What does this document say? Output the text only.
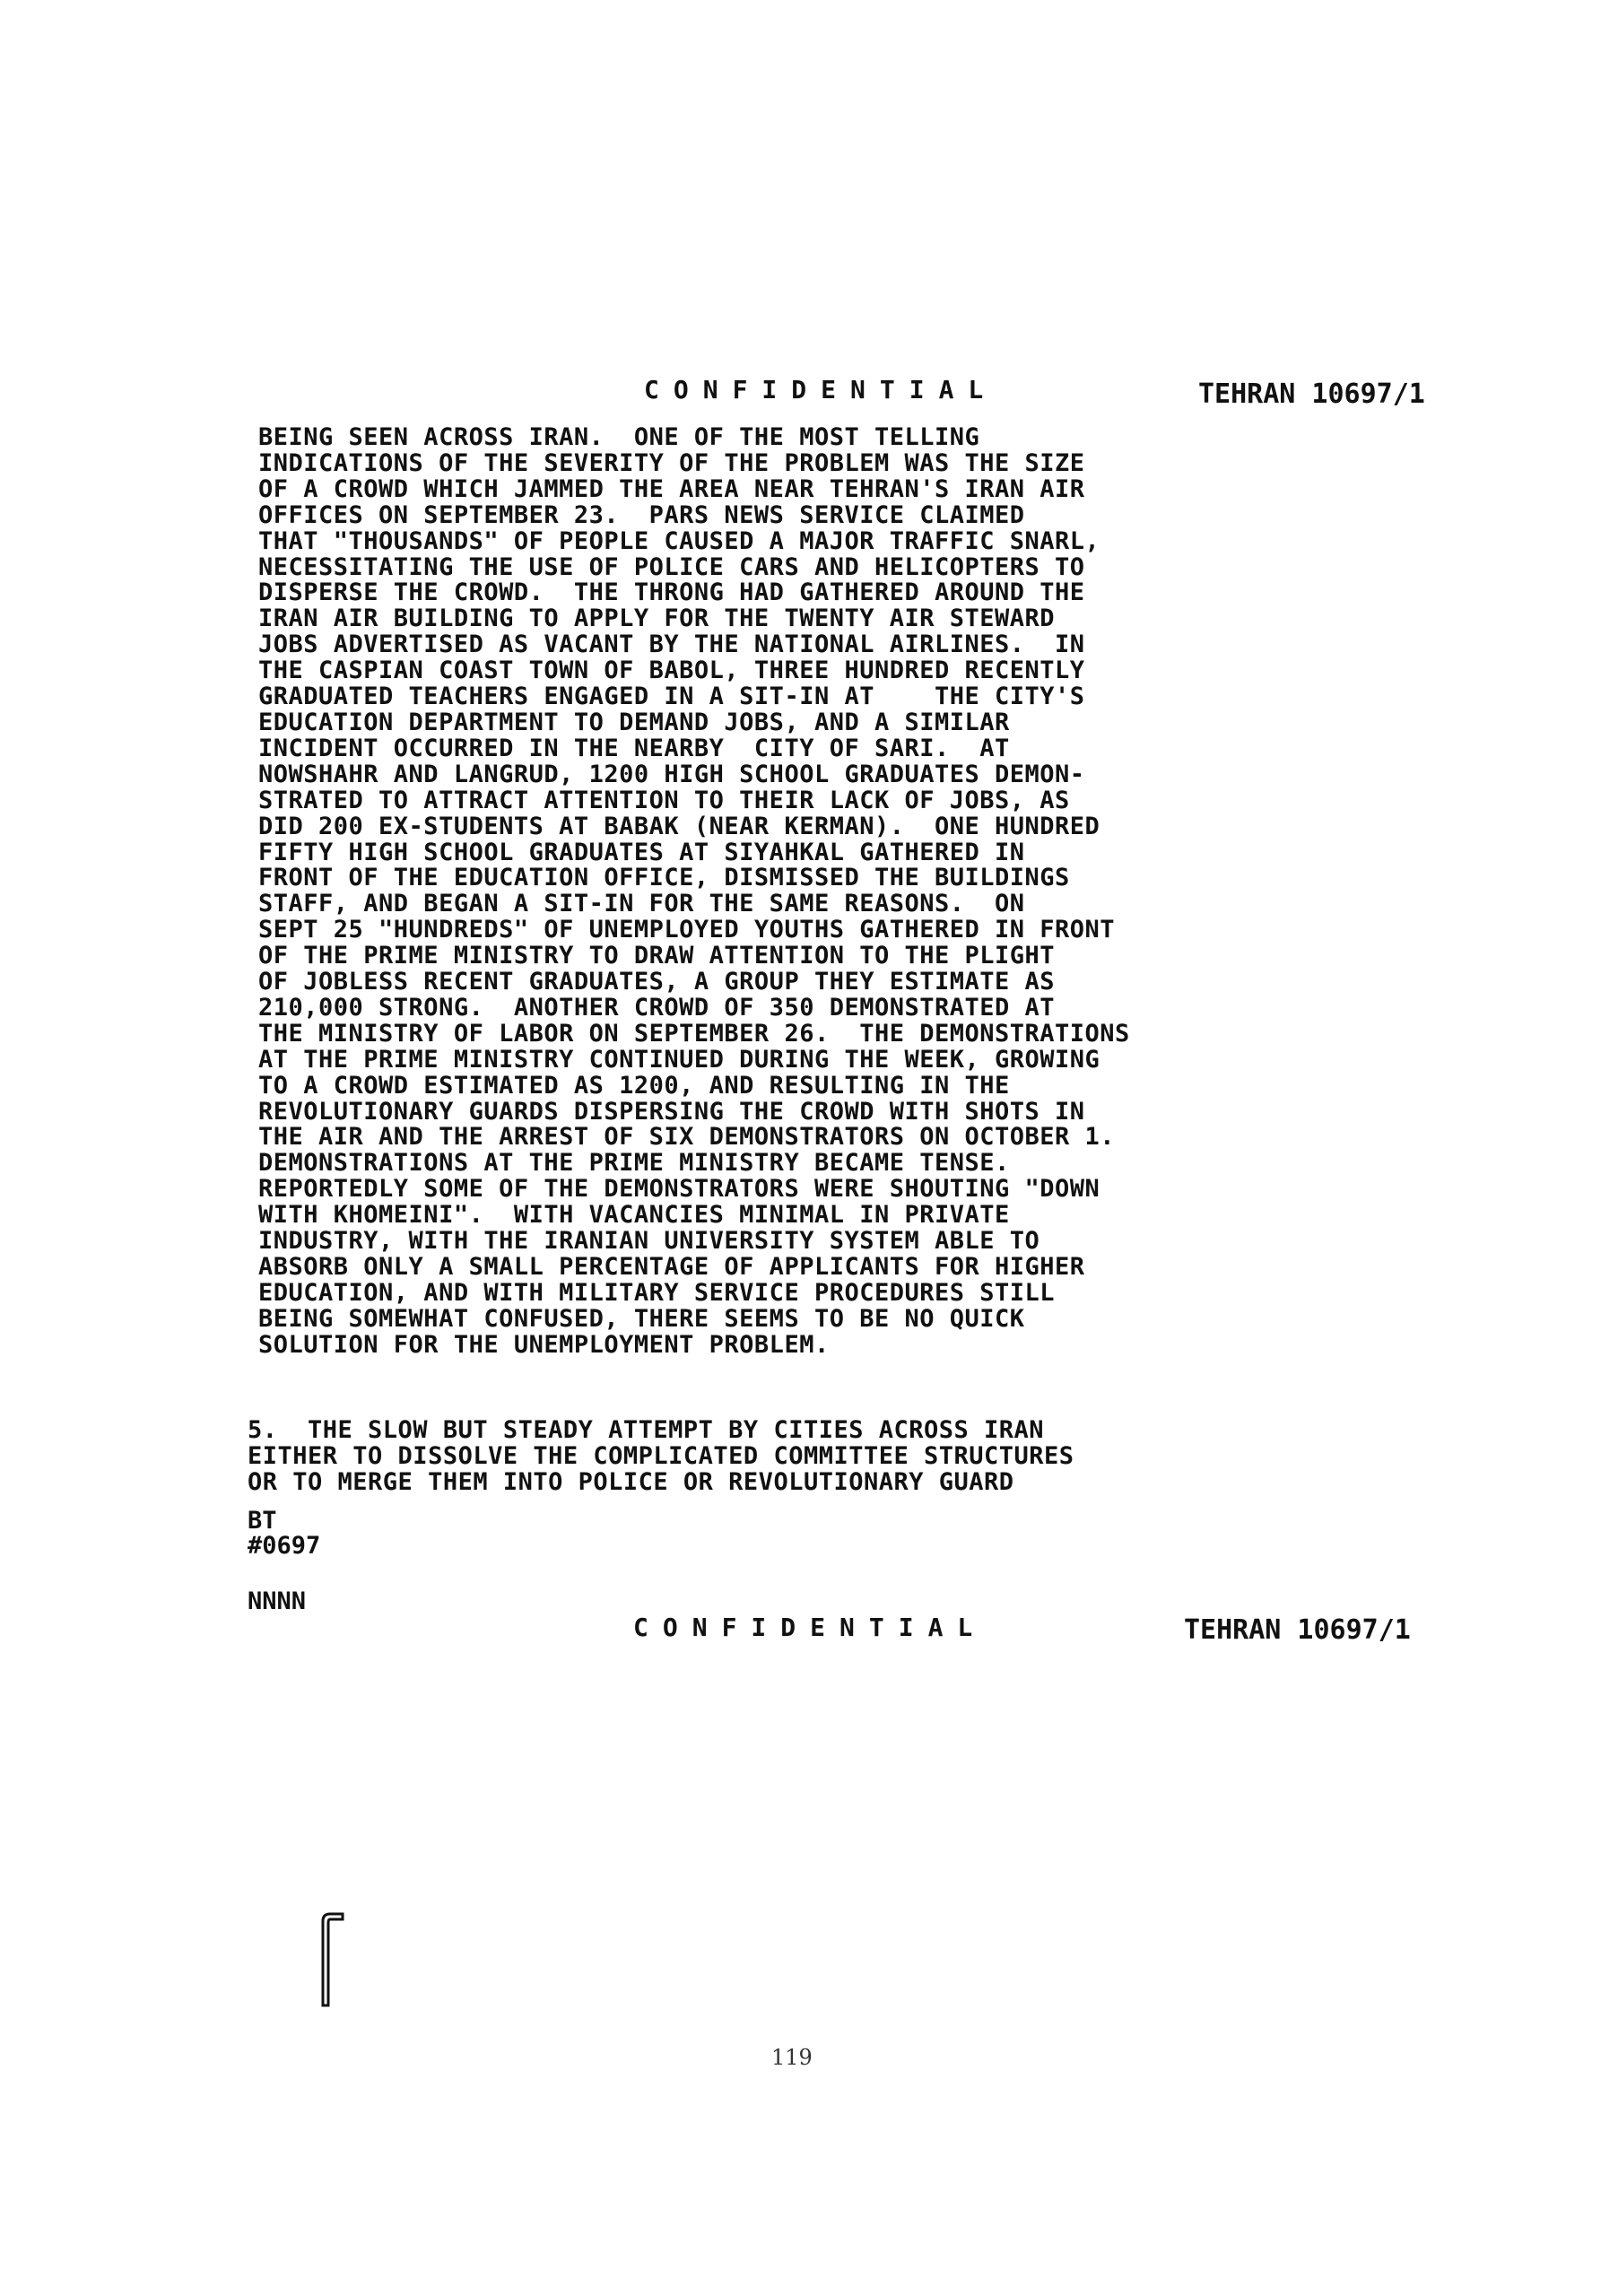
CONFIDENTIAL	TEHRAN 10697/1
BEING SEEN ACROSS IRAN.  ONE OF THE MOST TELLING
INDICATIONS OF THE SEVERITY OF THE PROBLEM WAS THE SIZE
OF A CROWD WHICH JAMMED THE AREA NEAR TEHRAN'S IRAN AIR
OFFICES ON SEPTEMBER 23.  PARS NEWS SERVICE CLAIMED
THAT "THOUSANDS" OF PEOPLE CAUSED A MAJOR TRAFFIC SNARL,
NECESSITATING THE USE OF POLICE CARS AND HELICOPTERS TO
DISPERSE THE CROWD.  THE THRONG HAD GATHERED AROUND THE
IRAN AIR BUILDING TO APPLY FOR THE TWENTY AIR STEWARD
JOBS ADVERTISED AS VACANT BY THE NATIONAL AIRLINES.  IN
THE CASPIAN COAST TOWN OF BABOL, THREE HUNDRED RECENTLY
GRADUATED TEACHERS ENGAGED IN A SIT-IN AT    THE CITY'S
EDUCATION DEPARTMENT TO DEMAND JOBS, AND A SIMILAR
INCIDENT OCCURRED IN THE NEARBY  CITY OF SARI.  AT
NOWSHAHR AND LANGRUD, 1200 HIGH SCHOOL GRADUATES DEMON-
STRATED TO ATTRACT ATTENTION TO THEIR LACK OF JOBS, AS
DID 200 EX-STUDENTS AT BABAK (NEAR KERMAN).  ONE HUNDRED
FIFTY HIGH SCHOOL GRADUATES AT SIYAHKAL GATHERED IN
FRONT OF THE EDUCATION OFFICE, DISMISSED THE BUILDINGS
STAFF, AND BEGAN A SIT-IN FOR THE SAME REASONS.  ON
SEPT 25 "HUNDREDS" OF UNEMPLOYED YOUTHS GATHERED IN FRONT
OF THE PRIME MINISTRY TO DRAW ATTENTION TO THE PLIGHT
OF JOBLESS RECENT GRADUATES, A GROUP THEY ESTIMATE AS
210,000 STRONG.  ANOTHER CROWD OF 350 DEMONSTRATED AT
THE MINISTRY OF LABOR ON SEPTEMBER 26.  THE DEMONSTRATIONS
AT THE PRIME MINISTRY CONTINUED DURING THE WEEK, GROWING
TO A CROWD ESTIMATED AS 1200, AND RESULTING IN THE
REVOLUTIONARY GUARDS DISPERSING THE CROWD WITH SHOTS IN
THE AIR AND THE ARREST OF SIX DEMONSTRATORS ON OCTOBER 1.
DEMONSTRATIONS AT THE PRIME MINISTRY BECAME TENSE.
REPORTEDLY SOME OF THE DEMONSTRATORS WERE SHOUTING "DOWN
WITH KHOMEINI".  WITH VACANCIES MINIMAL IN PRIVATE
INDUSTRY, WITH THE IRANIAN UNIVERSITY SYSTEM ABLE TO
ABSORB ONLY A SMALL PERCENTAGE OF APPLICANTS FOR HIGHER
EDUCATION, AND WITH MILITARY SERVICE PROCEDURES STILL
BEING SOMEWHAT CONFUSED, THERE SEEMS TO BE NO QUICK
SOLUTION FOR THE UNEMPLOYMENT PROBLEM.
5.  THE SLOW BUT STEADY ATTEMPT BY CITIES ACROSS IRAN
EITHER TO DISSOLVE THE COMPLICATED COMMITTEE STRUCTURES
OR TO MERGE THEM INTO POLICE OR REVOLUTIONARY GUARD
BT
#0697
NNNN
CONFIDENTIAL	TEHRAN 10697/1
119
